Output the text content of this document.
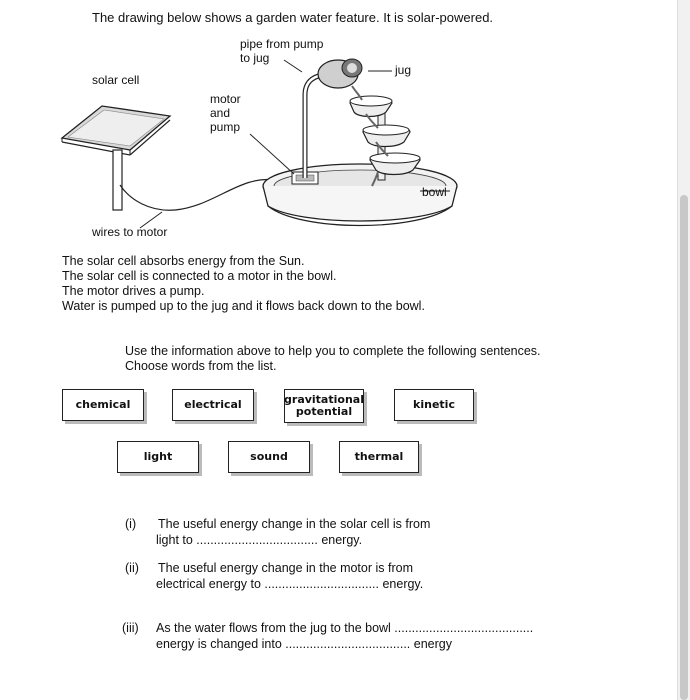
The drawing below shows a garden water feature. It is solar-powered.
pipe from pump
to jug
jug
solar cell
motor
and
pump
bowl
wires to motor
The solar cell absorbs energy from the Sun.
The solar cell is connected to a motor in the bowl.
The motor drives a pump.
Water is pumped up to the jug and it flows back down to the bowl.
Use the information above to help you to complete the following sentences.
Choose words from the list.
chemical	electrical	gravitational
potential
kinetic
light	sound	thermal
(i) The useful energy change in the solar cell is from
light to ................................... energy.
(ii) The useful energy change in the motor is from
electrical energy to ................................. energy.
(iii) As the water flows from the jug to the bowl ........................................
energy is changed into .................................... energy
